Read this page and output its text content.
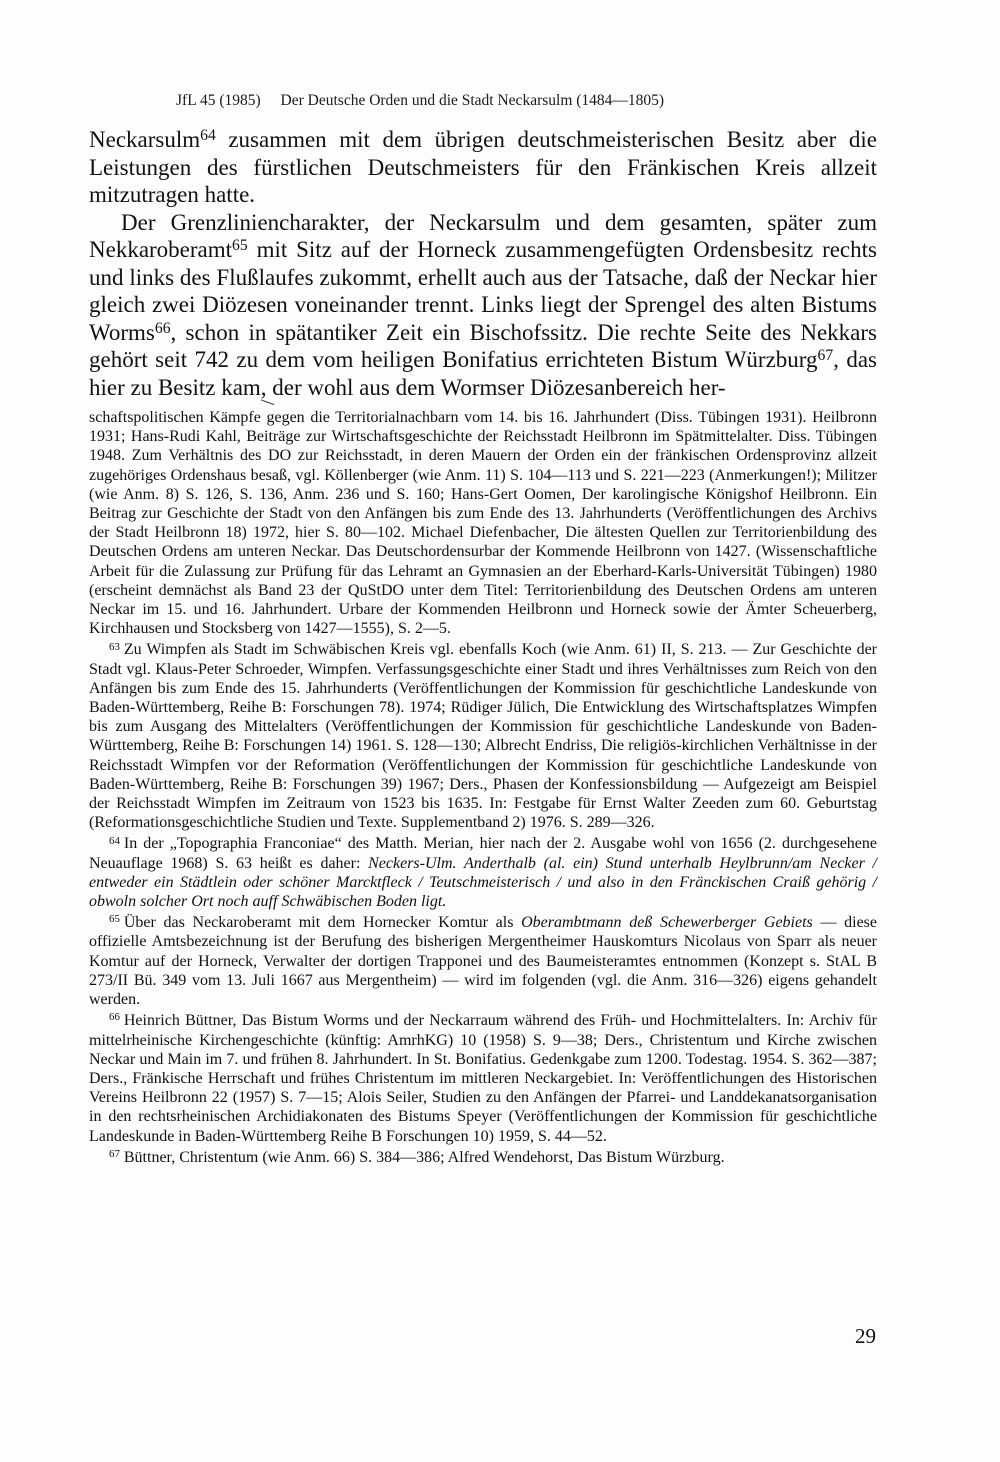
JfL 45 (1985) Der Deutsche Orden und die Stadt Neckarsulm (1484—1805)

Neckarsulm$^{64}$ zusammen mit dem übrigen deutschmeisterischen Besitz aber die Leistungen des fürstlichen Deutschmeisters für den Fränkischen Kreis allzeit mitzutragen hatte.

Der Grenzliniencharakter, der Neckarsulm und dem gesamten, später zum Nekkaroberamt$^{65}$ mit Sitz auf der Horneck zusammengefügten Ordensbesitz rechts und links des Flußlaufes zukommt, erhellt auch aus der Tatsache, daß der Neckar hier gleich zwei Diözesen voneinander trennt. Links liegt der Sprengel des alten Bistums Worms$^{66}$, schon in spätantiker Zeit ein Bischofssitz. Die rechte Seite des Nekkars gehört seit 742 zu dem vom heiligen Bonifatius errichteten Bistum Würzburg$^{67}$, das hier zu Besitz kam, der wohl aus dem Wormser Diözesanbereich her-

schaftspolitischen Kämpfe gegen die Territorialnachbarn vom 14. bis 16. Jahrhundert (Diss. Tübingen 1931). Heilbronn 1931; Hans-Rudi Kahl, Beiträge zur Wirtschaftsgeschichte der Reichsstadt Heilbronn im Spätmittelalter. Diss. Tübingen 1948. Zum Verhältnis des DO zur Reichsstadt, in deren Mauern der Orden ein der fränkischen Ordensprovinz allzeit zugehöriges Ordenshaus besaß, vgl. Köllenberger (wie Anm. 11) S. 104—113 und S. 221—223 (Anmerkungen!); Militzer (wie Anm. 8) S. 126, S. 136, Anm. 236 und S. 160; Hans-Gert Oomen, Der karolingische Königshof Heilbronn. Ein Beitrag zur Geschichte der Stadt von den Anfängen bis zum Ende des 13. Jahrhunderts (Veröffentlichungen des Archivs der Stadt Heilbronn 18) 1972, hier S. 80—102. Michael Diefenbacher, Die ältesten Quellen zur Territorienbildung des Deutschen Ordens am unteren Neckar. Das Deutschordensurbar der Kommende Heilbronn von 1427. (Wissenschaftliche Arbeit für die Zulassung zur Prüfung für das Lehramt an Gymnasien an der Eberhard-Karls-Universität Tübingen) 1980 (erscheint demnächst als Band 23 der QuStDO unter dem Titel: Territorienbildung des Deutschen Ordens am unteren Neckar im 15. und 16. Jahrhundert. Urbare der Kommenden Heilbronn und Horneck sowie der Ämter Scheuerberg, Kirchhausen und Stocksberg von 1427—1555), S. 2—5.

$^{63}$ Zu Wimpfen als Stadt im Schwäbischen Kreis vgl. ebenfalls Koch (wie Anm. 61) II, S. 213. — Zur Geschichte der Stadt vgl. Klaus-Peter Schroeder, Wimpfen. Verfassungsgeschichte einer Stadt und ihres Verhältnisses zum Reich von den Anfängen bis zum Ende des 15. Jahrhunderts (Veröffentlichungen der Kommission für geschichtliche Landeskunde von Baden-Württemberg, Reihe B: Forschungen 78). 1974; Rüdiger Jülich, Die Entwicklung des Wirtschaftsplatzes Wimpfen bis zum Ausgang des Mittelalters (Veröffentlichungen der Kommission für geschichtliche Landeskunde von Baden-Württemberg, Reihe B: Forschungen 14) 1961. S. 128—130; Albrecht Endriss, Die religiös-kirchlichen Verhältnisse in der Reichsstadt Wimpfen vor der Reformation (Veröffentlichungen der Kommission für geschichtliche Landeskunde von Baden-Württemberg, Reihe B: Forschungen 39) 1967; Ders., Phasen der Konfessionsbildung — Aufgezeigt am Beispiel der Reichsstadt Wimpfen im Zeitraum von 1523 bis 1635. In: Festgabe für Ernst Walter Zeeden zum 60. Geburtstag (Reformationsgeschichtliche Studien und Texte. Supplementband 2) 1976. S. 289—326.

$^{64}$ In der „Topographia Franconiae“ des Matth. Merian, hier nach der 2. Ausgabe wohl von 1656 (2. durchgesehene Neuauflage 1968) S. 63 heißt es daher: Neckers-Ulm. Anderthalb (al. ein) Stund unterhalb Heylbrunn/am Necker / entweder ein Städtlein oder schöner Marcktfleck / Teutschmeisterisch / und also in den Fränckischen Craiß gehörig / obwoln solcher Ort noch auff Schwäbischen Boden ligt.

$^{65}$ Über das Neckaroberamt mit dem Hornecker Komtur als Oberambtmann deß Schewerberger Gebiets — diese offizielle Amtsbezeichnung ist der Berufung des bisherigen Mergentheimer Hauskomturs Nicolaus von Sparr als neuer Komtur auf der Horneck, Verwalter der dortigen Trapponei und des Baumeisteramtes entnommen (Konzept s. StAL B 273/II Bü. 349 vom 13. Juli 1667 aus Mergentheim) — wird im folgenden (vgl. die Anm. 316—326) eigens gehandelt werden.

$^{66}$ Heinrich Büttner, Das Bistum Worms und der Neckarraum während des Früh- und Hochmittelalters. In: Archiv für mittelrheinische Kirchengeschichte (künftig: AmrhKG) 10 (1958) S. 9—38; Ders., Christentum und Kirche zwischen Neckar und Main im 7. und frühen 8. Jahrhundert. In St. Bonifatius. Gedenkgabe zum 1200. Todestag. 1954. S. 362—387; Ders., Fränkische Herrschaft und frühes Christentum im mittleren Neckargebiet. In: Veröffentlichungen des Historischen Vereins Heilbronn 22 (1957) S. 7—15; Alois Seiler, Studien zu den Anfängen der Pfarrei- und Landdekanatsorganisation in den rechtsrheinischen Archidiakonaten des Bistums Speyer (Veröffentlichungen der Kommission für geschichtliche Landeskunde in Baden-Württemberg Reihe B Forschungen 10) 1959, S. 44—52.

$^{67}$ Büttner, Christentum (wie Anm. 66) S. 384—386; Alfred Wendehorst, Das Bistum Würzburg.

29
